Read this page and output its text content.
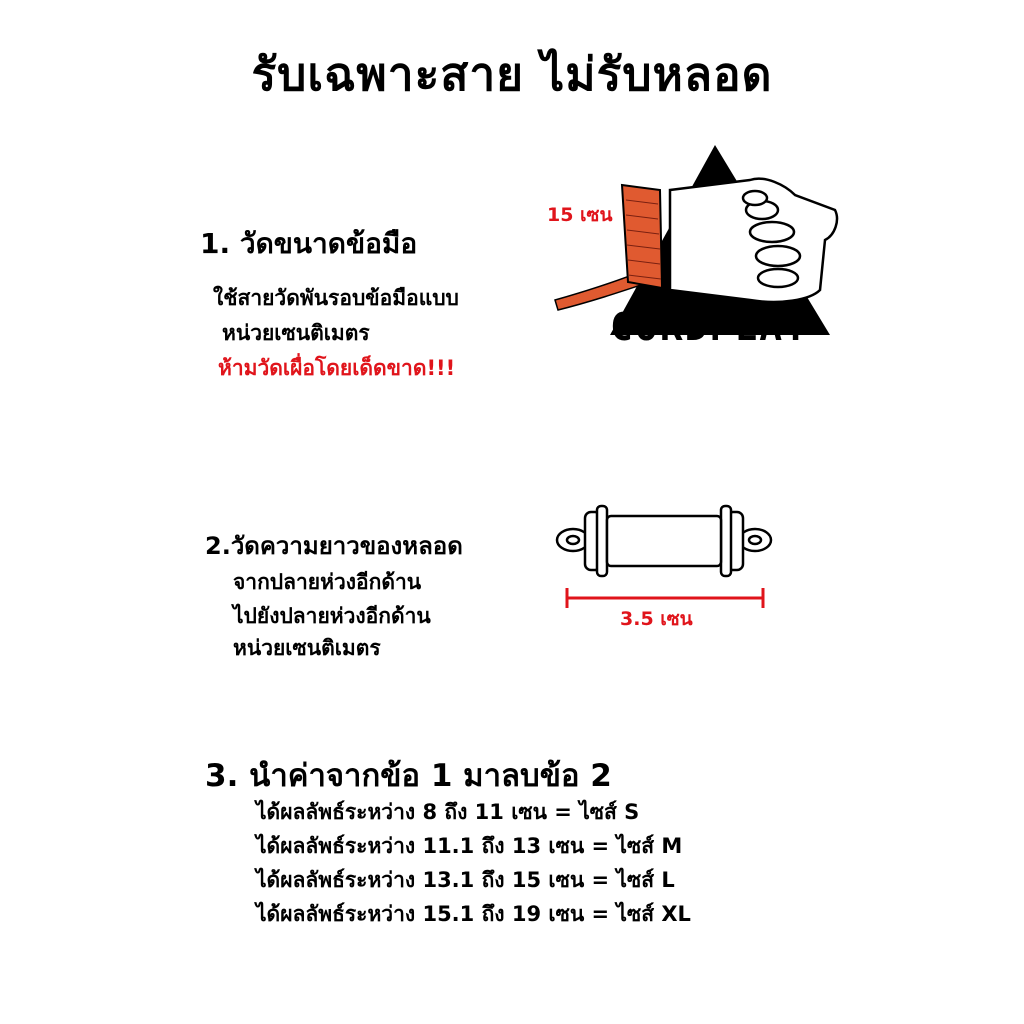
รับเฉพาะสาย ไม่รับหลอด
1. วัดขนาดข้อมือ
ใช้สายวัดพันรอบข้อมือแบบ
หน่วยเซนติเมตร
ห้ามวัดเผื่อโดยเด็ดขาด!!!
15 เซน
CORDPLAY
2.วัดความยาวของหลอด
จากปลายห่วงอีกด้าน
ไปยังปลายห่วงอีกด้าน
หน่วยเซนติเมตร
3.5 เซน
3. นำค่าจากข้อ 1 มาลบข้อ 2
ได้ผลลัพธ์ระหว่าง 8 ถึง 11 เซน = ไซส์ S
ได้ผลลัพธ์ระหว่าง 11.1 ถึง 13 เซน = ไซส์ M
ได้ผลลัพธ์ระหว่าง 13.1 ถึง 15 เซน = ไซส์ L
ได้ผลลัพธ์ระหว่าง 15.1 ถึง 19 เซน = ไซส์ XL
